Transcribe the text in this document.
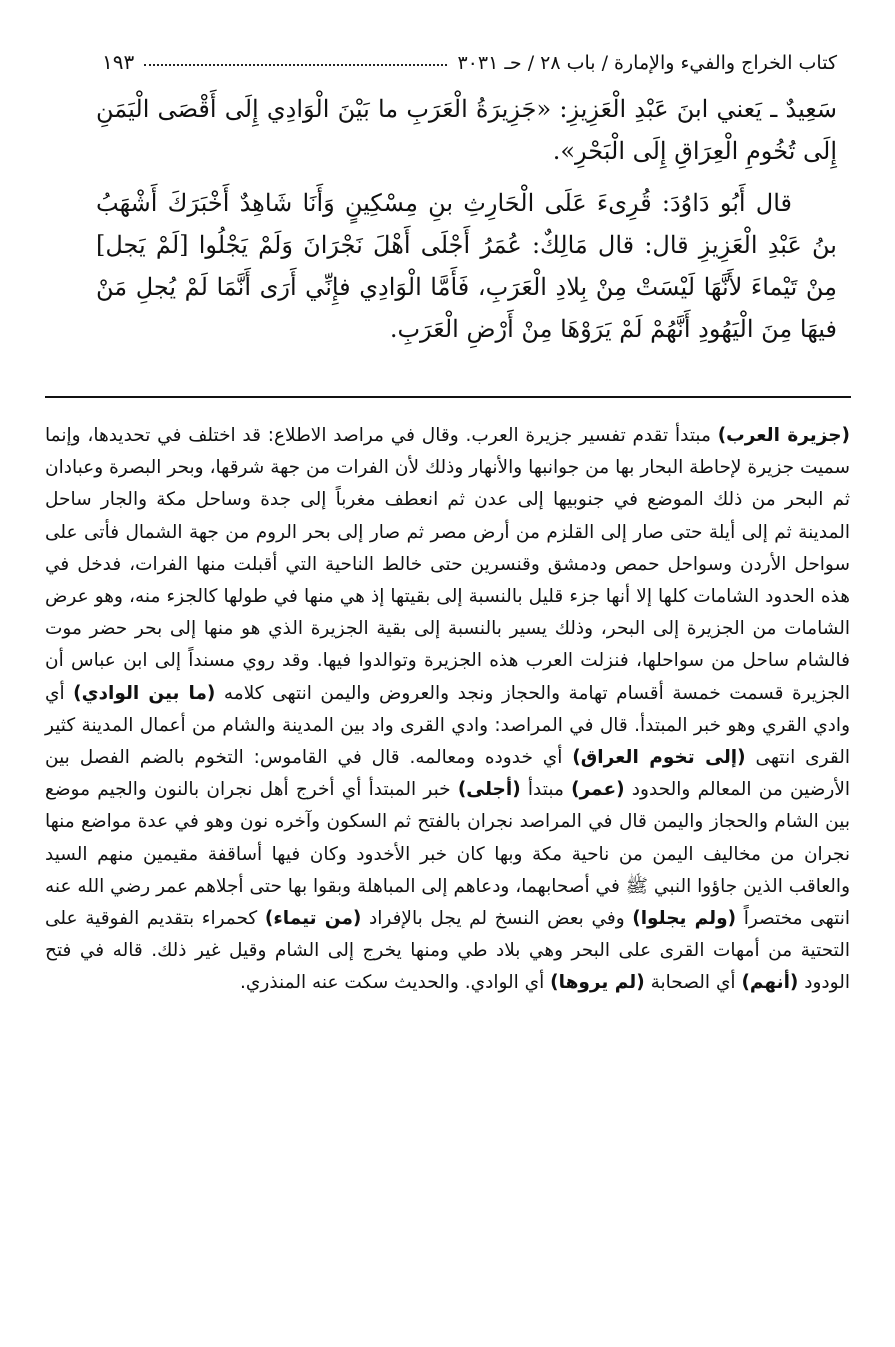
كتاب الخراج والفيء والإمارة / باب ٢٨ / حـ ٣٠٣١
١٩٣

سَعِيدٌ ـ يَعني ابنَ عَبْدِ الْعَزِيزِ: «جَزِيرَةُ الْعَرَبِ ما بَيْنَ الْوَادِي إِلَى أَقْصَى الْيَمَنِ إِلَى تُخُومِ الْعِرَاقِ إِلَى الْبَحْرِ».

قال أَبُو دَاوُدَ: قُرِىءَ عَلَى الْحَارِثِ بنِ مِسْكِينٍ وَأَنَا شَاهِدٌ أَخْبَرَكَ أَشْهَبُ بنُ عَبْدِ الْعَزِيزِ قال: قال مَالِكٌ: عُمَرُ أَجْلَى أَهْلَ نَجْرَانَ وَلَمْ يَجْلُوا [لَمْ يَجل] مِنْ تَيْماءَ لأَنَّهَا لَيْسَتْ مِنْ بِلادِ الْعَرَبِ، فَأَمَّا الْوَادِي فإِنِّي أَرَى أَنَّمَا لَمْ يُجلِ مَنْ فيهَا مِنَ الْيَهُودِ أَنَّهُمْ لَمْ يَرَوْهَا مِنْ أَرْضِ الْعَرَبِ.

(جزيرة العرب) مبتدأ تقدم تفسير جزيرة العرب. وقال في مراصد الاطلاع: قد اختلف في تحديدها، وإنما سميت جزيرة لإحاطة البحار بها من جوانبها والأنهار وذلك لأن الفرات من جهة شرقها، وبحر البصرة وعبادان ثم البحر من ذلك الموضع في جنوبيها إلى عدن ثم انعطف مغرباً إلى جدة وساحل مكة والجار ساحل المدينة ثم إلى أيلة حتى صار إلى القلزم من أرض مصر ثم صار إلى بحر الروم من جهة الشمال فأتى على سواحل الأردن وسواحل حمص ودمشق وقنسرين حتى خالط الناحية التي أقبلت منها الفرات، فدخل في هذه الحدود الشامات كلها إلا أنها جزء قليل بالنسبة إلى بقيتها إذ هي منها في طولها كالجزء منه، وهو عرض الشامات من الجزيرة إلى البحر، وذلك يسير بالنسبة إلى بقية الجزيرة الذي هو منها إلى بحر حضر موت فالشام ساحل من سواحلها، فنزلت العرب هذه الجزيرة وتوالدوا فيها. وقد روي مسنداً إلى ابن عباس أن الجزيرة قسمت خمسة أقسام تهامة والحجاز ونجد والعروض واليمن انتهى كلامه (ما بين الوادي) أي وادي القري وهو خبر المبتدأ. قال في المراصد: وادي القرى واد بين المدينة والشام من أعمال المدينة كثير القرى انتهى (إلى تخوم العراق) أي خدوده ومعالمه. قال في القاموس: التخوم بالضم الفصل بين الأرضين من المعالم والحدود (عمر) مبتدأ (أجلى) خبر المبتدأ أي أخرج أهل نجران بالنون والجيم موضع بين الشام والحجاز واليمن قال في المراصد نجران بالفتح ثم السكون وآخره نون وهو في عدة مواضع منها نجران من مخاليف اليمن من ناحية مكة وبها كان خبر الأخدود وكان فيها أساقفة مقيمين منهم السيد والعاقب الذين جاؤوا النبي ﷺ في أصحابهما، ودعاهم إلى المباهلة وبقوا بها حتى أجلاهم عمر رضي الله عنه انتهى مختصراً (ولم يجلوا) وفي بعض النسخ لم يجل بالإفراد (من تيماء) كحمراء بتقديم الفوقية على التحتية من أمهات القرى على البحر وهي بلاد طي ومنها يخرج إلى الشام وقيل غير ذلك. قاله في فتح الودود (أنهم) أي الصحابة (لم يروها) أي الوادي. والحديث سكت عنه المنذري.
